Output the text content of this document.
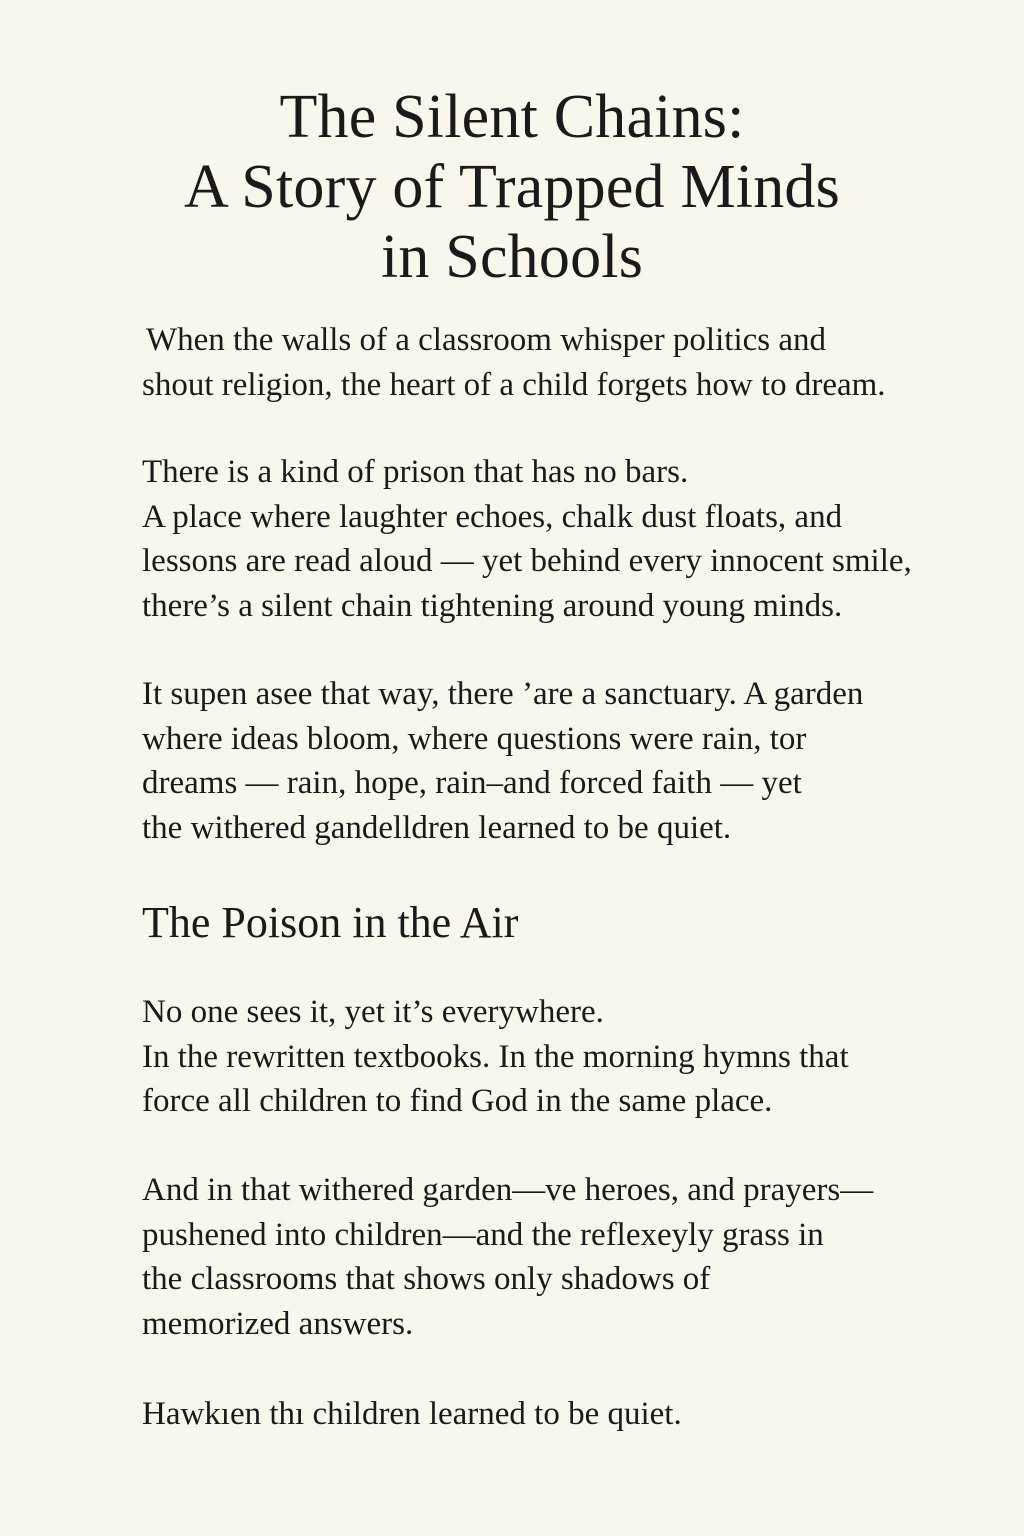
The Silent Chains:
A Story of Trapped Minds
in Schools

When the walls of a classroom whisper politics and
shout religion, the heart of a child forgets how to dream.

There is a kind of prison that has no bars.
A place where laughter echoes, chalk dust floats, and
lessons are read aloud — yet behind every innocent smile,
there’s a silent chain tightening around young minds.

It supen asee that way, there ’are a sanctuary. A garden
where ideas bloom, where questions were rain, tor
dreams — rain, hope, rain–and forced faith — yet
the withered gandelldren learned to be quiet.

The Poison in the Air

No one sees it, yet it’s everywhere.
In the rewritten textbooks. In the morning hymns that
force all children to find God in the same place.

And in that withered garden—ve heroes, and prayers—
pushened into children—and the reflexeyly grass in
the classrooms that shows only shadows of
memorized answers.

Hawkıen thı children learned to be quiet.
